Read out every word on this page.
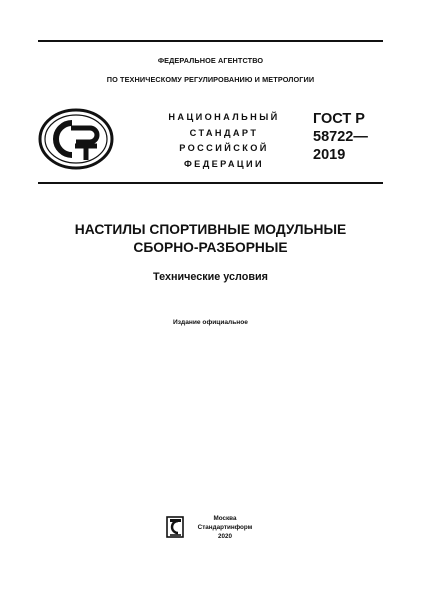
ФЕДЕРАЛЬНОЕ АГЕНТСТВО
ПО ТЕХНИЧЕСКОМУ РЕГУЛИРОВАНИЮ И МЕТРОЛОГИИ
НАЦИОНАЛЬНЫЙ
СТАНДАРТ
РОССИЙСКОЙ
ФЕДЕРАЦИИ
ГОСТ Р
58722—
2019
НАСТИЛЫ СПОРТИВНЫЕ МОДУЛЬНЫЕ
СБОРНО-РАЗБОРНЫЕ
Технические условия
Издание официальное
Москва
Стандартинформ
2020
